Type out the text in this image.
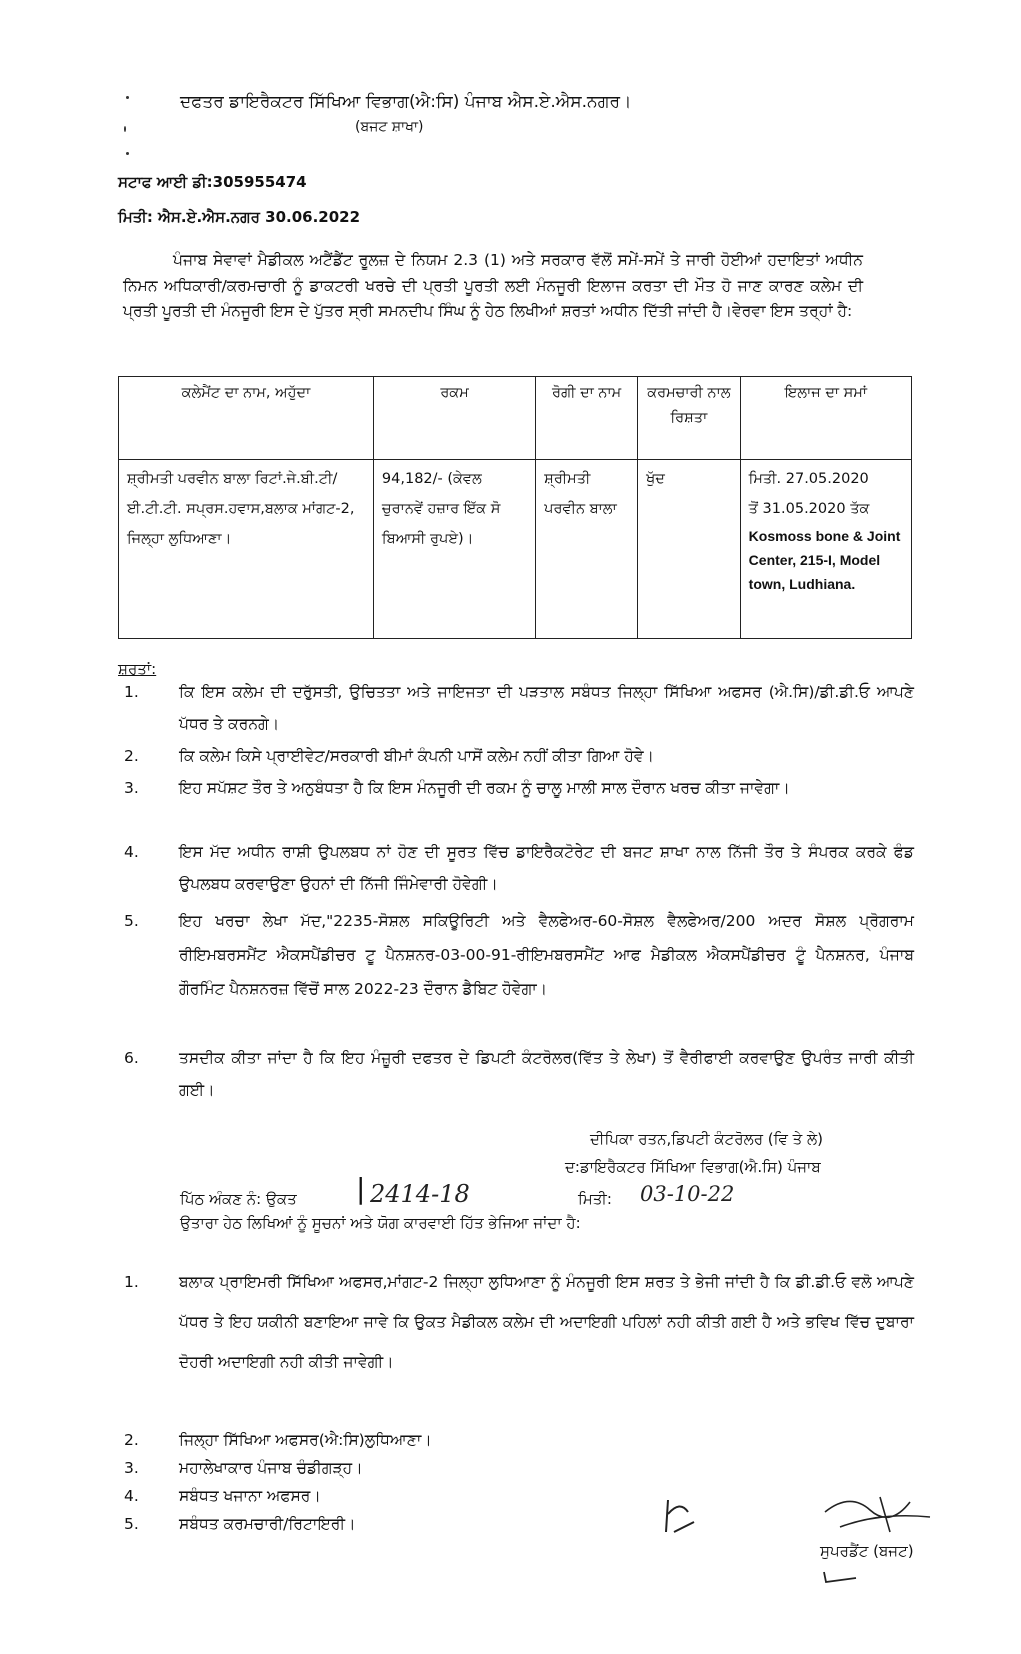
ਦਫਤਰ ਡਾਇਰੈਕਟਰ ਸਿੱਖਿਆ ਵਿਭਾਗ(ਐ:ਸਿ) ਪੰਜਾਬ ਐਸ.ਏ.ਐਸ.ਨਗਰ।
(ਬਜਟ ਸ਼ਾਖਾ)
ਸਟਾਫ ਆਈ ਡੀ:305955474
ਮਿਤੀ: ਐਸ.ਏ.ਐਸ.ਨਗਰ 30.06.2022
ਪੰਜਾਬ ਸੇਵਾਵਾਂ ਮੈਡੀਕਲ ਅਟੈਂਡੈਂਟ ਰੂਲਜ਼ ਦੇ ਨਿਯਮ 2.3 (1) ਅਤੇ ਸਰਕਾਰ ਵੱਲੋਂ ਸਮੇਂ-ਸਮੇਂ ਤੇ ਜਾਰੀ ਹੋਈਆਂ ਹਦਾਇਤਾਂ ਅਧੀਨ ਨਿਮਨ ਅਧਿਕਾਰੀ/ਕਰਮਚਾਰੀ ਨੂੰ ਡਾਕਟਰੀ ਖਰਚੇ ਦੀ ਪ੍ਰਤੀ ਪੂਰਤੀ ਲਈ ਮੰਨਜੂਰੀ ਇਲਾਜ ਕਰਤਾ ਦੀ ਮੌਤ ਹੋ ਜਾਣ ਕਾਰਣ ਕਲੇਮ ਦੀ ਪ੍ਰਤੀ ਪੂਰਤੀ ਦੀ ਮੰਨਜੂਰੀ ਇਸ ਦੇ ਪੁੱਤਰ ਸ੍ਰੀ ਸਮਨਦੀਪ ਸਿੰਘ ਨੂੰ ਹੇਠ ਲਿਖੀਆਂ ਸ਼ਰਤਾਂ ਅਧੀਨ ਦਿੱਤੀ ਜਾਂਦੀ ਹੈ।ਵੇਰਵਾ ਇਸ ਤਰ੍ਹਾਂ ਹੈ:
ਕਲੇਮੈਂਟ ਦਾ ਨਾਮ, ਅਹੁੱਦਾ	ਰਕਮ	ਰੋਗੀ ਦਾ ਨਾਮ	ਕਰਮਚਾਰੀ ਨਾਲ ਰਿਸ਼ਤਾ	ਇਲਾਜ ਦਾ ਸਮਾਂ
ਸ਼੍ਰੀਮਤੀ ਪਰਵੀਨ ਬਾਲਾ ਰਿਟਾਂ.ਜੇ.ਬੀ.ਟੀ/ਈ.ਟੀ.ਟੀ. ਸਪ੍ਰਸ.ਹਵਾਸ,ਬਲਾਕ ਮਾਂਗਟ-2, ਜਿਲ੍ਹਾ ਲੁਧਿਆਣਾ।	94,182/- (ਕੇਵਲ ਚੁਰਾਨਵੇਂ ਹਜ਼ਾਰ ਇੱਕ ਸੋ ਬਿਆਸੀ ਰੁਪਏ)।	ਸ਼੍ਰੀਮਤੀ ਪਰਵੀਨ ਬਾਲਾ	ਖੁੱਦ	ਮਿਤੀ. 27.05.2020
ਤੋਂ 31.05.2020 ਤੱਕ
Kosmoss bone & Joint Center, 215-I, Model town, Ludhiana.
ਸ਼ਰਤਾਂ:
1.	ਕਿ ਇਸ ਕਲੇਮ ਦੀ ਦਰੁੱਸਤੀ, ਉਚਿਤਤਾ ਅਤੇ ਜਾਇਜਤਾ ਦੀ ਪੜਤਾਲ ਸਬੰਧਤ ਜਿਲ੍ਹਾ ਸਿੱਖਿਆ ਅਫਸਰ (ਐ.ਸਿ)/ਡੀ.ਡੀ.ਓ ਆਪਣੇ ਪੱਧਰ ਤੇ ਕਰਨਗੇ।
2.	ਕਿ ਕਲੇਮ ਕਿਸੇ ਪ੍ਰਾਈਵੇਟ/ਸਰਕਾਰੀ ਬੀਮਾਂ ਕੰਪਨੀ ਪਾਸੋਂ ਕਲੇਮ ਨਹੀਂ ਕੀਤਾ ਗਿਆ ਹੋਵੇ।
3.	ਇਹ ਸਪੱਸ਼ਟ ਤੌਰ ਤੇ ਅਨੁਬੰਧਤਾ ਹੈ ਕਿ ਇਸ ਮੰਨਜੂਰੀ ਦੀ ਰਕਮ ਨੂੰ ਚਾਲੂ ਮਾਲੀ ਸਾਲ ਦੌਰਾਨ ਖਰਚ ਕੀਤਾ ਜਾਵੇਗਾ।
4.	ਇਸ ਮੱਦ ਅਧੀਨ ਰਾਸ਼ੀ ਉਪਲਬਧ ਨਾਂ ਹੋਣ ਦੀ ਸੂਰਤ ਵਿੱਚ ਡਾਇਰੈਕਟੋਰੇਟ ਦੀ ਬਜਟ ਸ਼ਾਖਾ ਨਾਲ ਨਿੱਜੀ ਤੌਰ ਤੇ ਸੰਪਰਕ ਕਰਕੇ ਫੰਡ ਉਪਲਬਧ ਕਰਵਾਉਣਾ ਉਹਨਾਂ ਦੀ ਨਿੱਜੀ ਜਿੰਮੇਵਾਰੀ ਹੋਵੇਗੀ।
5.	ਇਹ ਖਰਚਾ ਲੇਖਾ ਮੱਦ,"2235-ਸੋਸ਼ਲ ਸਕਿਊਰਿਟੀ ਅਤੇ ਵੈਲਫੇਅਰ-60-ਸੋਸ਼ਲ ਵੈਲਫੇਅਰ/200 ਅਦਰ ਸੋਸ਼ਲ ਪ੍ਰੋਗਰਾਮ ਰੀਇਮਬਰਸਮੈਂਟ ਐਕਸਪੈਂਡੀਚਰ ਟੂ ਪੈਨਸ਼ਨਰ-03-00-91-ਰੀਇਮਬਰਸਮੈਂਟ ਆਫ ਮੈਡੀਕਲ ਐਕਸਪੈਂਡੀਚਰ ਟੂੰ ਪੈਨਸ਼ਨਰ, ਪੰਜਾਬ ਗੌਰਮਿੰਟ ਪੈਨਸ਼ਨਰਜ਼ ਵਿੱਚੋਂ ਸਾਲ 2022-23 ਦੌਰਾਨ ਡੈਬਿਟ ਹੋਵੇਗਾ।
6.	ਤਸਦੀਕ ਕੀਤਾ ਜਾਂਦਾ ਹੈ ਕਿ ਇਹ ਮੰਜ਼ੂਰੀ ਦਫਤਰ ਦੇ ਡਿਪਟੀ ਕੰਟਰੋਲਰ(ਵਿੱਤ ਤੇ ਲੇਖਾ) ਤੋਂ ਵੈਰੀਫਾਈ ਕਰਵਾਉਣ ਉਪਰੰਤ ਜਾਰੀ ਕੀਤੀ ਗਈ।
ਦੀਪਿਕਾ ਰਤਨ,ਡਿਪਟੀ ਕੰਟਰੋਲਰ (ਵਿ ਤੇ ਲੇ)
ਦ:ਡਾਇਰੈਕਟਰ ਸਿੱਖਿਆ ਵਿਭਾਗ(ਐ.ਸਿ) ਪੰਜਾਬ
ਪਿੱਠ ਅੰਕਣ ਨੰ: ਉਕਤ | 2414-18	ਮਿਤੀ: 03-10-22
ਉਤਾਰਾ ਹੇਠ ਲਿਖਿਆਂ ਨੂੰ ਸੂਚਨਾਂ ਅਤੇ ਯੋਗ ਕਾਰਵਾਈ ਹਿੱਤ ਭੇਜਿਆ ਜਾਂਦਾ ਹੈ:
1.	ਬਲਾਕ ਪ੍ਰਾਇਮਰੀ ਸਿੱਖਿਆ ਅਫਸਰ,ਮਾਂਗਟ-2 ਜਿਲ੍ਹਾ ਲੁਧਿਆਣਾ ਨੂੰ ਮੰਨਜੂਰੀ ਇਸ ਸ਼ਰਤ ਤੇ ਭੇਜੀ ਜਾਂਦੀ ਹੈ ਕਿ ਡੀ.ਡੀ.ਓ ਵਲੋ ਆਪਣੇ ਪੱਧਰ ਤੇ ਇਹ ਯਕੀਨੀ ਬਣਾਇਆ ਜਾਵੇ ਕਿ ਉਕਤ ਮੈਡੀਕਲ ਕਲੇਮ ਦੀ ਅਦਾਇਗੀ ਪਹਿਲਾਂ ਨਹੀ ਕੀਤੀ ਗਈ ਹੈ ਅਤੇ ਭਵਿਖ ਵਿੱਚ ਦੁਬਾਰਾ ਦੋਹਰੀ ਅਦਾਇਗੀ ਨਹੀ ਕੀਤੀ ਜਾਵੇਗੀ।
2.	ਜਿਲ੍ਹਾ ਸਿੱਖਿਆ ਅਫਸਰ(ਐ:ਸਿ)ਲੁਧਿਆਣਾ।
3.	ਮਹਾਲੇਖਾਕਾਰ ਪੰਜਾਬ ਚੰਡੀਗੜ੍ਹ।
4.	ਸਬੰਧਤ ਖਜਾਨਾ ਅਫਸਰ।
5.	ਸਬੰਧਤ ਕਰਮਚਾਰੀ/ਰਿਟਾਇਰੀ।
ਸੁਪਰਡੈਂਟ (ਬਜਟ)
